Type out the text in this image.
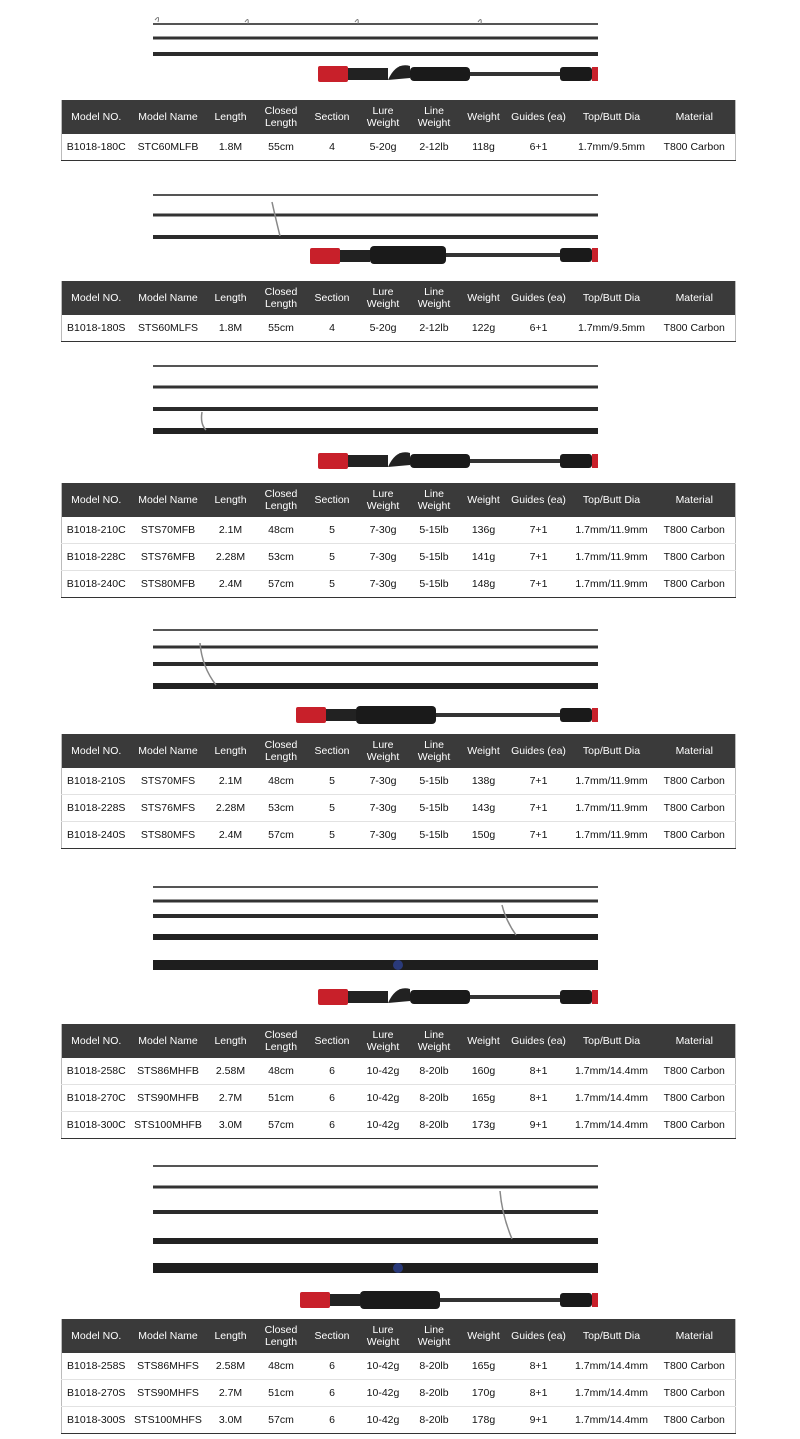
Model NO.	Model Name	Length	Closed Length	Section	Lure Weight	Line Weight	Weight	Guides (ea)	Top/Butt Dia	Material
B1018-180C	STC60MLFB	1.8M	55cm	4	5-20g	2-12lb	118g	6+1	1.7mm/9.5mm	T800 Carbon
Model NO.	Model Name	Length	Closed Length	Section	Lure Weight	Line Weight	Weight	Guides (ea)	Top/Butt Dia	Material
B1018-180S	STS60MLFS	1.8M	55cm	4	5-20g	2-12lb	122g	6+1	1.7mm/9.5mm	T800 Carbon
Model NO.	Model Name	Length	Closed Length	Section	Lure Weight	Line Weight	Weight	Guides (ea)	Top/Butt Dia	Material
B1018-210C	STS70MFB	2.1M	48cm	5	7-30g	5-15lb	136g	7+1	1.7mm/11.9mm	T800 Carbon
B1018-228C	STS76MFB	2.28M	53cm	5	7-30g	5-15lb	141g	7+1	1.7mm/11.9mm	T800 Carbon
B1018-240C	STS80MFB	2.4M	57cm	5	7-30g	5-15lb	148g	7+1	1.7mm/11.9mm	T800 Carbon
Model NO.	Model Name	Length	Closed Length	Section	Lure Weight	Line Weight	Weight	Guides (ea)	Top/Butt Dia	Material
B1018-210S	STS70MFS	2.1M	48cm	5	7-30g	5-15lb	138g	7+1	1.7mm/11.9mm	T800 Carbon
B1018-228S	STS76MFS	2.28M	53cm	5	7-30g	5-15lb	143g	7+1	1.7mm/11.9mm	T800 Carbon
B1018-240S	STS80MFS	2.4M	57cm	5	7-30g	5-15lb	150g	7+1	1.7mm/11.9mm	T800 Carbon
Model NO.	Model Name	Length	Closed Length	Section	Lure Weight	Line Weight	Weight	Guides (ea)	Top/Butt Dia	Material
B1018-258C	STS86MHFB	2.58M	48cm	6	10-42g	8-20lb	160g	8+1	1.7mm/14.4mm	T800 Carbon
B1018-270C	STS90MHFB	2.7M	51cm	6	10-42g	8-20lb	165g	8+1	1.7mm/14.4mm	T800 Carbon
B1018-300C	STS100MHFB	3.0M	57cm	6	10-42g	8-20lb	173g	9+1	1.7mm/14.4mm	T800 Carbon
Model NO.	Model Name	Length	Closed Length	Section	Lure Weight	Line Weight	Weight	Guides (ea)	Top/Butt Dia	Material
B1018-258S	STS86MHFS	2.58M	48cm	6	10-42g	8-20lb	165g	8+1	1.7mm/14.4mm	T800 Carbon
B1018-270S	STS90MHFS	2.7M	51cm	6	10-42g	8-20lb	170g	8+1	1.7mm/14.4mm	T800 Carbon
B1018-300S	STS100MHFS	3.0M	57cm	6	10-42g	8-20lb	178g	9+1	1.7mm/14.4mm	T800 Carbon
